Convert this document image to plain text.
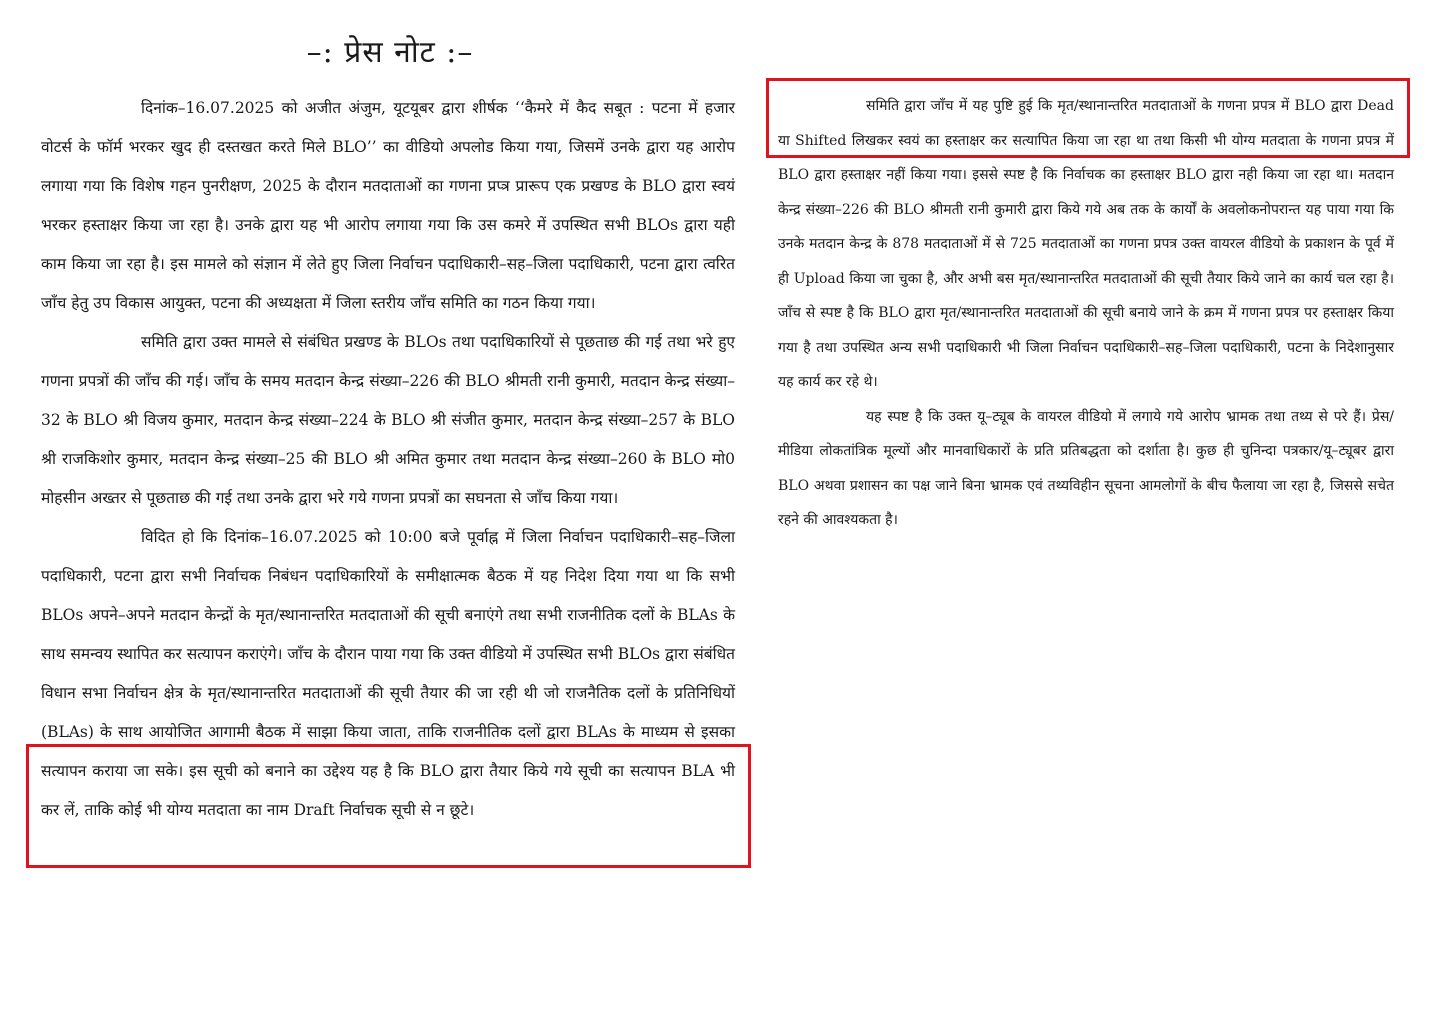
–: प्रेस नोट :–

दिनांक–16.07.2025 को अजीत अंजुम, यूटयूबर द्वारा शीर्षक ‘‘कैमरे में कैद सबूत : पटना में हजार वोटर्स के फॉर्म भरकर खुद ही दस्तखत करते मिले BLO’’ का वीडियो अपलोड किया गया, जिसमें उनके द्वारा यह आरोप लगाया गया कि विशेष गहन पुनरीक्षण, 2025 के दौरान मतदाताओं का गणना प्रप्त्र प्रारूप एक प्रखण्ड के BLO द्वारा स्वयं भरकर हस्ताक्षर किया जा रहा है। उनके द्वारा यह भी आरोप लगाया गया कि उस कमरे में उपस्थित सभी BLOs द्वारा यही काम किया जा रहा है। इस मामले को संज्ञान में लेते हुए जिला निर्वाचन पदाधिकारी–सह–जिला पदाधिकारी, पटना द्वारा त्वरित जाँच हेतु उप विकास आयुक्त, पटना की अध्यक्षता में जिला स्तरीय जाँच समिति का गठन किया गया।

समिति द्वारा उक्त मामले से संबंधित प्रखण्ड के BLOs तथा पदाधिकारियों से पूछताछ की गई तथा भरे हुए गणना प्रपत्रों की जाँच की गई। जाँच के समय मतदान केन्द्र संख्या–226 की BLO श्रीमती रानी कुमारी, मतदान केन्द्र संख्या–32 के BLO श्री विजय कुमार, मतदान केन्द्र संख्या–224 के BLO श्री संजीत कुमार, मतदान केन्द्र संख्या–257 के BLO श्री राजकिशोर कुमार, मतदान केन्द्र संख्या–25 की BLO श्री अमित कुमार तथा मतदान केन्द्र संख्या–260 के BLO मो0 मोहसीन अख्तर से पूछताछ की गई तथा उनके द्वारा भरे गये गणना प्रपत्रों का सघनता से जाँच किया गया।

विदित हो कि दिनांक–16.07.2025 को 10:00 बजे पूर्वाह्न में जिला निर्वाचन पदाधिकारी–सह–जिला पदाधिकारी, पटना द्वारा सभी निर्वाचक निबंधन पदाधिकारियों के समीक्षात्मक बैठक में यह निदेश दिया गया था कि सभी BLOs अपने–अपने मतदान केन्द्रों के मृत/स्थानान्तरित मतदाताओं की सूची बनाएंगे तथा सभी राजनीतिक दलों के BLAs के साथ समन्वय स्थापित कर सत्यापन कराएंगे। जाँच के दौरान पाया गया कि उक्त वीडियो में उपस्थित सभी BLOs द्वारा संबंधित विधान सभा निर्वाचन क्षेत्र के मृत/स्थानान्तरित मतदाताओं की सूची तैयार की जा रही थी जो राजनैतिक दलों के प्रतिनिधियों (BLAs) के साथ आयोजित आगामी बैठक में साझा किया जाता, ताकि राजनीतिक दलों द्वारा BLAs के माध्यम से इसका सत्यापन कराया जा सके। इस सूची को बनाने का उद्देश्य यह है कि BLO द्वारा तैयार किये गये सूची का सत्यापन BLA भी कर लें, ताकि कोई भी योग्य मतदाता का नाम Draft निर्वाचक सूची से न छूटे।

समिति द्वारा जाँच में यह पुष्टि हुई कि मृत/स्थानान्तरित मतदाताओं के गणना प्रपत्र में BLO द्वारा Dead या Shifted लिखकर स्वयं का हस्ताक्षर कर सत्यापित किया जा रहा था तथा किसी भी योग्य मतदाता के गणना प्रपत्र में BLO द्वारा हस्ताक्षर नहीं किया गया। इससे स्पष्ट है कि निर्वाचक का हस्ताक्षर BLO द्वारा नही किया जा रहा था। मतदान केन्द्र संख्या–226 की BLO श्रीमती रानी कुमारी द्वारा किये गये अब तक के कार्यों के अवलोकनोपरान्त यह पाया गया कि उनके मतदान केन्द्र के 878 मतदाताओं में से 725 मतदाताओं का गणना प्रपत्र उक्त वायरल वीडियो के प्रकाशन के पूर्व में ही Upload किया जा चुका है, और अभी बस मृत/स्थानान्तरित मतदाताओं की सूची तैयार किये जाने का कार्य चल रहा है। जाँच से स्पष्ट है कि BLO द्वारा मृत/स्थानान्तरित मतदाताओं की सूची बनाये जाने के क्रम में गणना प्रपत्र पर हस्ताक्षर किया गया है तथा उपस्थित अन्य सभी पदाधिकारी भी जिला निर्वाचन पदाधिकारी–सह–जिला पदाधिकारी, पटना के निदेशानुसार यह कार्य कर रहे थे।

यह स्पष्ट है कि उक्त यू–ट्यूब के वायरल वीडियो में लगाये गये आरोप भ्रामक तथा तथ्य से परे हैं। प्रेस/मीडिया लोकतांत्रिक मूल्यों और मानवाधिकारों के प्रति प्रतिबद्धता को दर्शाता है। कुछ ही चुनिन्दा पत्रकार/यू–ट्यूबर द्वारा BLO अथवा प्रशासन का पक्ष जाने बिना भ्रामक एवं तथ्यविहीन सूचना आमलोगों के बीच फैलाया जा रहा है, जिससे सचेत रहने की आवश्यकता है।
